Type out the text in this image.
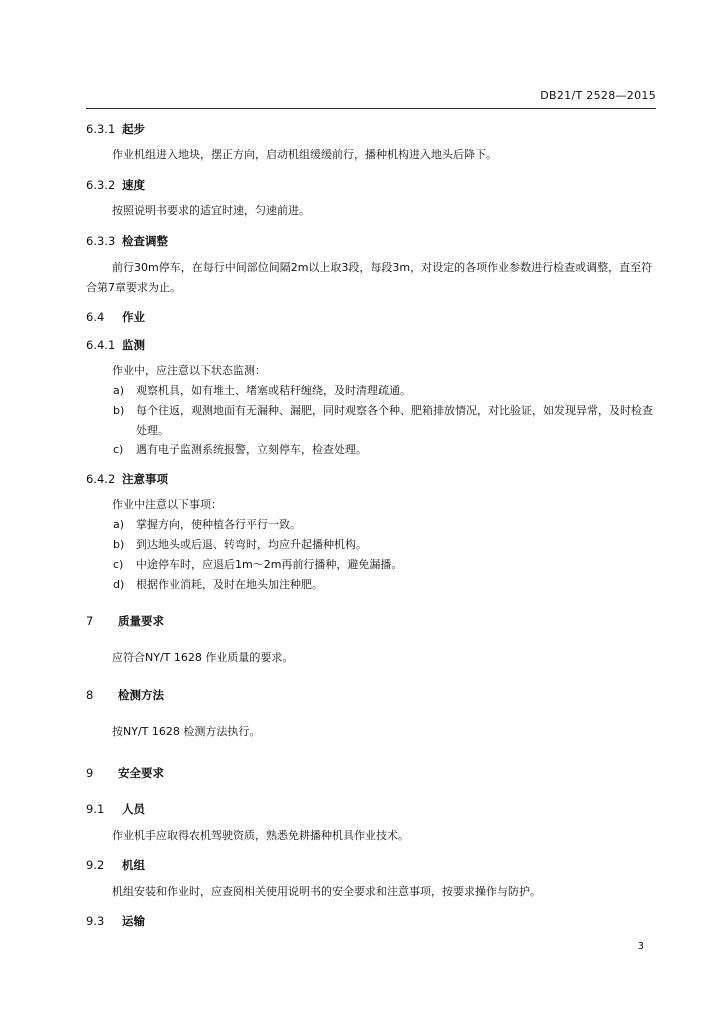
DB21/T 2528—2015
6.3.1 起步
作业机组进入地块，摆正方向，启动机组缓缓前行，播种机构进入地头后降下。
6.3.2 速度
按照说明书要求的适宜时速，匀速前进。
6.3.3 检查调整
前行30m停车，在每行中间部位间隔2m以上取3段，每段3m，对设定的各项作业参数进行检查或调整，直至符合第7章要求为止。
6.4 作业
6.4.1 监测
作业中，应注意以下状态监测：
a)	观察机具，如有堆土、堵塞或秸秆缠绕，及时清理疏通。
b)	每个往返，观测地面有无漏种、漏肥，同时观察各个种、肥箱排放情况，对比验证，如发现异常，及时检查处理。
c)	遇有电子监测系统报警，立刻停车，检查处理。
6.4.2 注意事项
作业中注意以下事项：
a)	掌握方向，使种植各行平行一致。
b)	到达地头或后退、转弯时，均应升起播种机构。
c)	中途停车时，应退后1m～2m再前行播种，避免漏播。
d)	根据作业消耗，及时在地头加注种肥。
7 质量要求
应符合NY/T 1628 作业质量的要求。
8 检测方法
按NY/T 1628 检测方法执行。
9 安全要求
9.1 人员
作业机手应取得农机驾驶资质，熟悉免耕播种机具作业技术。
9.2 机组
机组安装和作业时，应查阅相关使用说明书的安全要求和注意事项，按要求操作与防护。
9.3 运输
3
